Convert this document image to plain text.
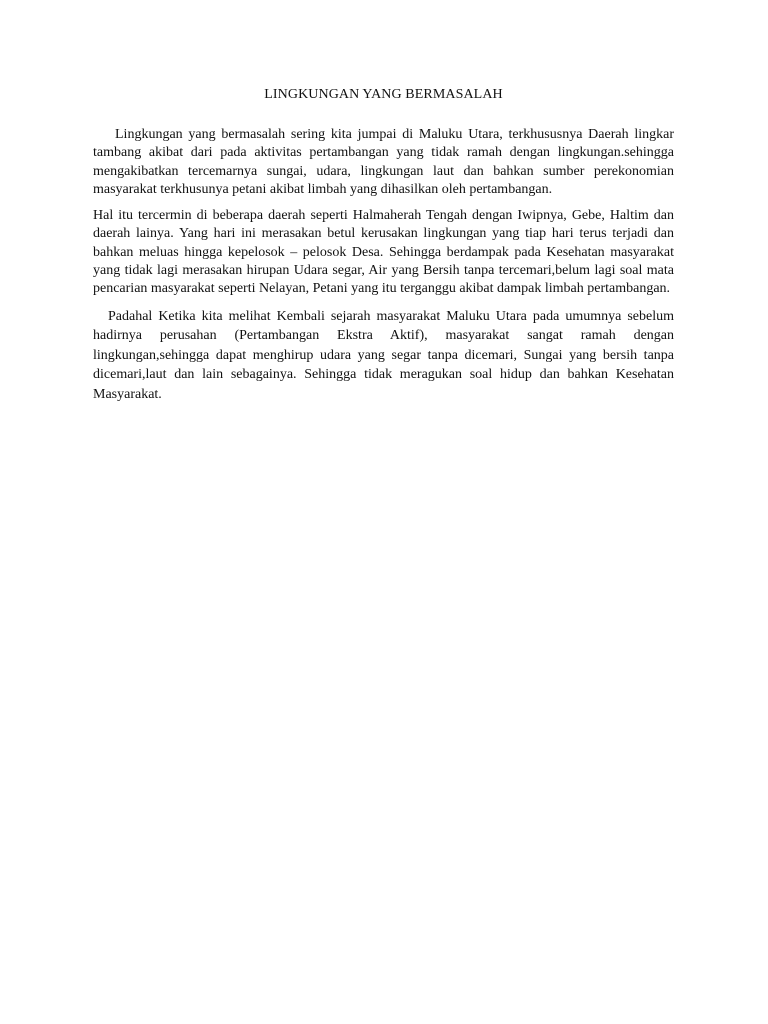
LINGKUNGAN YANG BERMASALAH

Lingkungan yang bermasalah sering kita jumpai di Maluku Utara, terkhususnya Daerah lingkar tambang akibat dari pada aktivitas pertambangan yang tidak ramah dengan lingkungan.sehingga mengakibatkan tercemarnya sungai, udara, lingkungan laut dan bahkan sumber perekonomian masyarakat terkhusunya petani akibat limbah yang dihasilkan oleh pertambangan.

Hal itu tercermin di beberapa daerah seperti Halmaherah Tengah dengan Iwipnya, Gebe, Haltim dan daerah lainya. Yang hari ini merasakan betul kerusakan lingkungan yang tiap hari terus terjadi dan bahkan meluas hingga kepelosok – pelosok Desa. Sehingga berdampak pada Kesehatan masyarakat yang tidak lagi merasakan hirupan Udara segar, Air yang Bersih tanpa tercemari,belum lagi soal mata pencarian masyarakat seperti Nelayan, Petani yang itu terganggu akibat dampak limbah pertambangan.

Padahal Ketika kita melihat Kembali sejarah masyarakat Maluku Utara pada umumnya sebelum hadirnya perusahan (Pertambangan Ekstra Aktif), masyarakat sangat ramah dengan lingkungan,sehingga dapat menghirup udara yang segar tanpa dicemari, Sungai yang bersih tanpa dicemari,laut dan lain sebagainya. Sehingga tidak meragukan soal hidup dan bahkan Kesehatan Masyarakat.
